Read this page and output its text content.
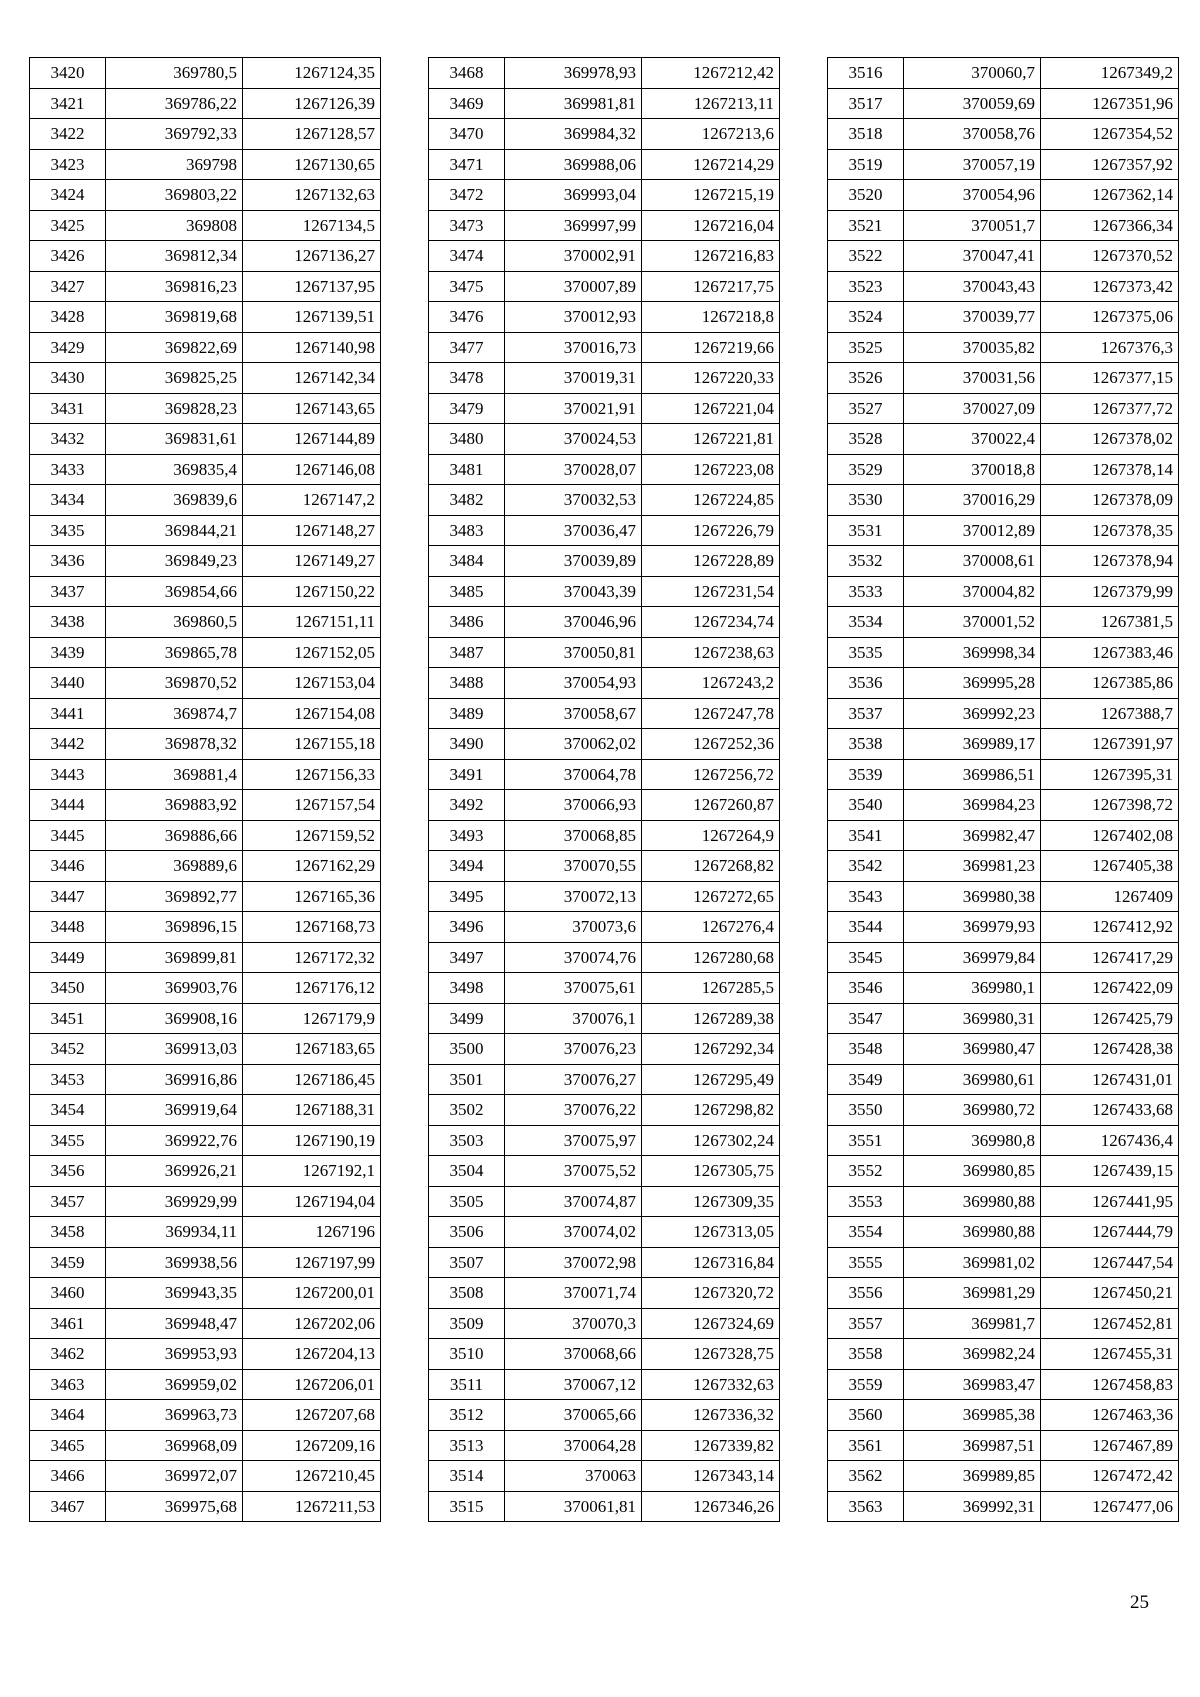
3420	369780,5	1267124,35
3421	369786,22	1267126,39
3422	369792,33	1267128,57
3423	369798	1267130,65
3424	369803,22	1267132,63
3425	369808	1267134,5
3426	369812,34	1267136,27
3427	369816,23	1267137,95
3428	369819,68	1267139,51
3429	369822,69	1267140,98
3430	369825,25	1267142,34
3431	369828,23	1267143,65
3432	369831,61	1267144,89
3433	369835,4	1267146,08
3434	369839,6	1267147,2
3435	369844,21	1267148,27
3436	369849,23	1267149,27
3437	369854,66	1267150,22
3438	369860,5	1267151,11
3439	369865,78	1267152,05
3440	369870,52	1267153,04
3441	369874,7	1267154,08
3442	369878,32	1267155,18
3443	369881,4	1267156,33
3444	369883,92	1267157,54
3445	369886,66	1267159,52
3446	369889,6	1267162,29
3447	369892,77	1267165,36
3448	369896,15	1267168,73
3449	369899,81	1267172,32
3450	369903,76	1267176,12
3451	369908,16	1267179,9
3452	369913,03	1267183,65
3453	369916,86	1267186,45
3454	369919,64	1267188,31
3455	369922,76	1267190,19
3456	369926,21	1267192,1
3457	369929,99	1267194,04
3458	369934,11	1267196
3459	369938,56	1267197,99
3460	369943,35	1267200,01
3461	369948,47	1267202,06
3462	369953,93	1267204,13
3463	369959,02	1267206,01
3464	369963,73	1267207,68
3465	369968,09	1267209,16
3466	369972,07	1267210,45
3467	369975,68	1267211,53
3468	369978,93	1267212,42
3469	369981,81	1267213,11
3470	369984,32	1267213,6
3471	369988,06	1267214,29
3472	369993,04	1267215,19
3473	369997,99	1267216,04
3474	370002,91	1267216,83
3475	370007,89	1267217,75
3476	370012,93	1267218,8
3477	370016,73	1267219,66
3478	370019,31	1267220,33
3479	370021,91	1267221,04
3480	370024,53	1267221,81
3481	370028,07	1267223,08
3482	370032,53	1267224,85
3483	370036,47	1267226,79
3484	370039,89	1267228,89
3485	370043,39	1267231,54
3486	370046,96	1267234,74
3487	370050,81	1267238,63
3488	370054,93	1267243,2
3489	370058,67	1267247,78
3490	370062,02	1267252,36
3491	370064,78	1267256,72
3492	370066,93	1267260,87
3493	370068,85	1267264,9
3494	370070,55	1267268,82
3495	370072,13	1267272,65
3496	370073,6	1267276,4
3497	370074,76	1267280,68
3498	370075,61	1267285,5
3499	370076,1	1267289,38
3500	370076,23	1267292,34
3501	370076,27	1267295,49
3502	370076,22	1267298,82
3503	370075,97	1267302,24
3504	370075,52	1267305,75
3505	370074,87	1267309,35
3506	370074,02	1267313,05
3507	370072,98	1267316,84
3508	370071,74	1267320,72
3509	370070,3	1267324,69
3510	370068,66	1267328,75
3511	370067,12	1267332,63
3512	370065,66	1267336,32
3513	370064,28	1267339,82
3514	370063	1267343,14
3515	370061,81	1267346,26
3516	370060,7	1267349,2
3517	370059,69	1267351,96
3518	370058,76	1267354,52
3519	370057,19	1267357,92
3520	370054,96	1267362,14
3521	370051,7	1267366,34
3522	370047,41	1267370,52
3523	370043,43	1267373,42
3524	370039,77	1267375,06
3525	370035,82	1267376,3
3526	370031,56	1267377,15
3527	370027,09	1267377,72
3528	370022,4	1267378,02
3529	370018,8	1267378,14
3530	370016,29	1267378,09
3531	370012,89	1267378,35
3532	370008,61	1267378,94
3533	370004,82	1267379,99
3534	370001,52	1267381,5
3535	369998,34	1267383,46
3536	369995,28	1267385,86
3537	369992,23	1267388,7
3538	369989,17	1267391,97
3539	369986,51	1267395,31
3540	369984,23	1267398,72
3541	369982,47	1267402,08
3542	369981,23	1267405,38
3543	369980,38	1267409
3544	369979,93	1267412,92
3545	369979,84	1267417,29
3546	369980,1	1267422,09
3547	369980,31	1267425,79
3548	369980,47	1267428,38
3549	369980,61	1267431,01
3550	369980,72	1267433,68
3551	369980,8	1267436,4
3552	369980,85	1267439,15
3553	369980,88	1267441,95
3554	369980,88	1267444,79
3555	369981,02	1267447,54
3556	369981,29	1267450,21
3557	369981,7	1267452,81
3558	369982,24	1267455,31
3559	369983,47	1267458,83
3560	369985,38	1267463,36
3561	369987,51	1267467,89
3562	369989,85	1267472,42
3563	369992,31	1267477,06
25
